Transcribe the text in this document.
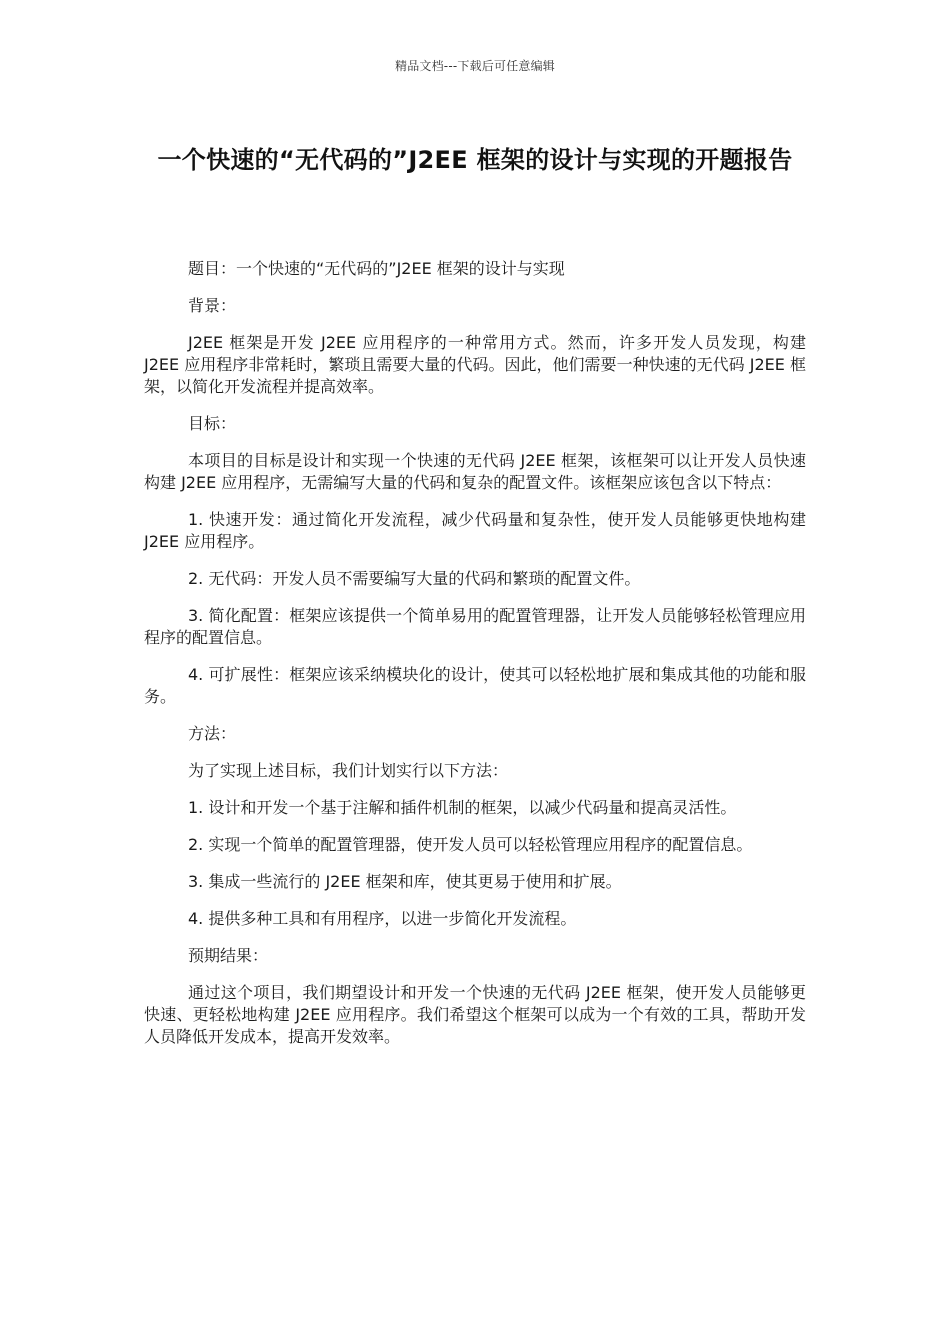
精品文档---下载后可任意编辑
一个快速的“无代码的”J2EE 框架的设计与实现的开题报告

题目：一个快速的“无代码的”J2EE 框架的设计与实现

背景：

J2EE 框架是开发 J2EE 应用程序的一种常用方式。然而，许多开发人员发现，构建 J2EE 应用程序非常耗时，繁琐且需要大量的代码。因此，他们需要一种快速的无代码 J2EE 框架，以简化开发流程并提高效率。

目标：

本项目的目标是设计和实现一个快速的无代码 J2EE 框架，该框架可以让开发人员快速构建 J2EE 应用程序，无需编写大量的代码和复杂的配置文件。该框架应该包含以下特点：

1. 快速开发：通过简化开发流程，减少代码量和复杂性，使开发人员能够更快地构建 J2EE 应用程序。

2. 无代码：开发人员不需要编写大量的代码和繁琐的配置文件。

3. 简化配置：框架应该提供一个简单易用的配置管理器，让开发人员能够轻松管理应用程序的配置信息。

4. 可扩展性：框架应该采纳模块化的设计，使其可以轻松地扩展和集成其他的功能和服务。

方法：

为了实现上述目标，我们计划实行以下方法：

1. 设计和开发一个基于注解和插件机制的框架，以减少代码量和提高灵活性。

2. 实现一个简单的配置管理器，使开发人员可以轻松管理应用程序的配置信息。

3. 集成一些流行的 J2EE 框架和库，使其更易于使用和扩展。

4. 提供多种工具和有用程序，以进一步简化开发流程。

预期结果：

通过这个项目，我们期望设计和开发一个快速的无代码 J2EE 框架，使开发人员能够更快速、更轻松地构建 J2EE 应用程序。我们希望这个框架可以成为一个有效的工具，帮助开发人员降低开发成本，提高开发效率。
